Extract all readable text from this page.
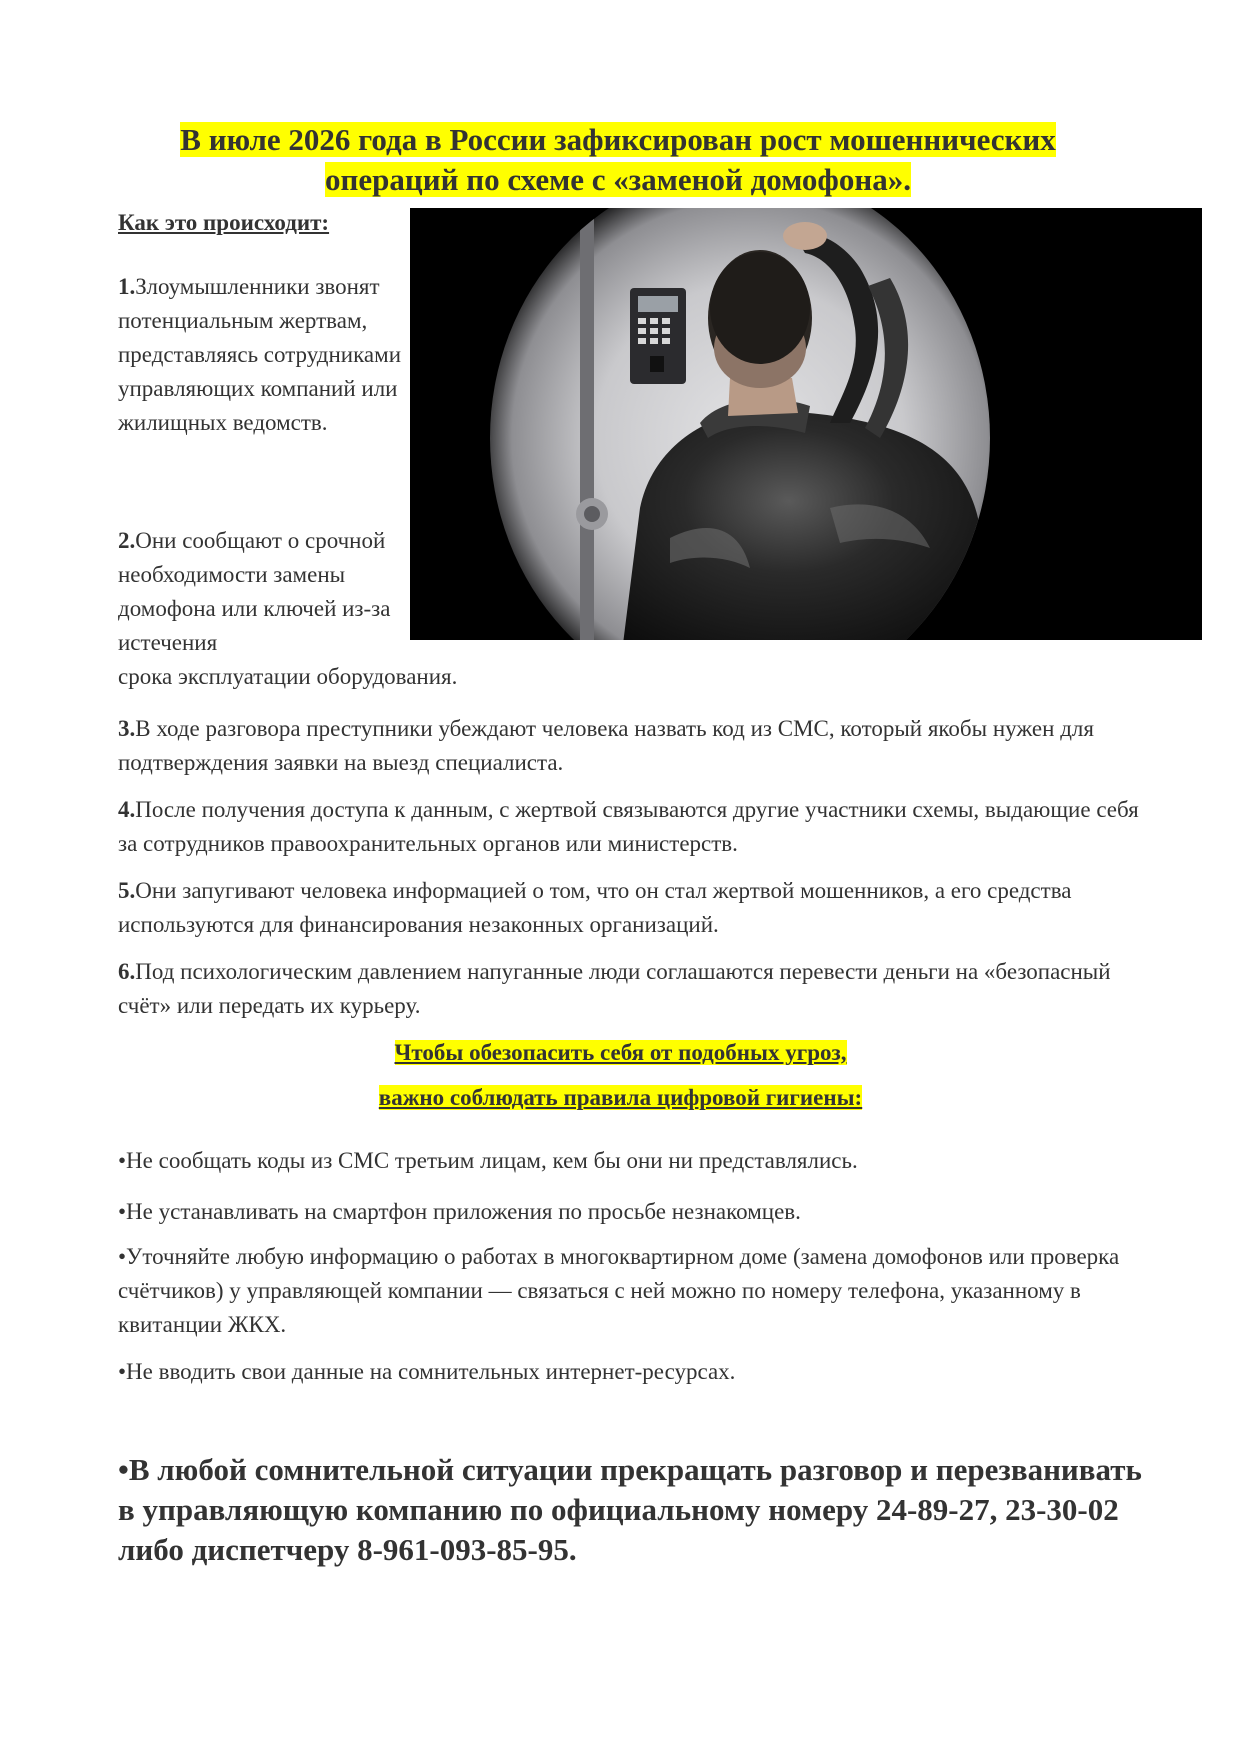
В июле 2026 года в России зафиксирован рост мошеннических
операций по схеме с «заменой домофона».
Как это происходит:
1.Злоумышленники звонят потенциальным жертвам, представляясь сотрудниками управляющих компаний или жилищных ведомств.
2.Они сообщают о срочной необходимости замены домофона или ключей из-за истечения
срока эксплуатации оборудования.
3.В ходе разговора преступники убеждают человека назвать код из СМС, который якобы нужен для подтверждения заявки на выезд специалиста.
4.После получения доступа к данным, с жертвой связываются другие участники схемы, выдающие себя за сотрудников правоохранительных органов или министерств.
5.Они запугивают человека информацией о том, что он стал жертвой мошенников, а его средства используются для финансирования незаконных организаций.
6.Под психологическим давлением напуганные люди соглашаются перевести деньги на «безопасный счёт» или передать их курьеру.
Чтобы обезопасить себя от подобных угроз,
важно соблюдать правила цифровой гигиены:
•Не сообщать коды из СМС третьим лицам, кем бы они ни представлялись.
•Не устанавливать на смартфон приложения по просьбе незнакомцев.
•Уточняйте любую информацию о работах в многоквартирном доме (замена домофонов или проверка счётчиков) у управляющей компании — связаться с ней можно по номеру телефона, указанному в квитанции ЖКХ.
•Не вводить свои данные на сомнительных интернет-ресурсах.
•В любой сомнительной ситуации прекращать разговор и перезванивать в управляющую компанию по официальному номеру 24-89-27, 23-30-02 либо диспетчеру 8-961-093-85-95.
